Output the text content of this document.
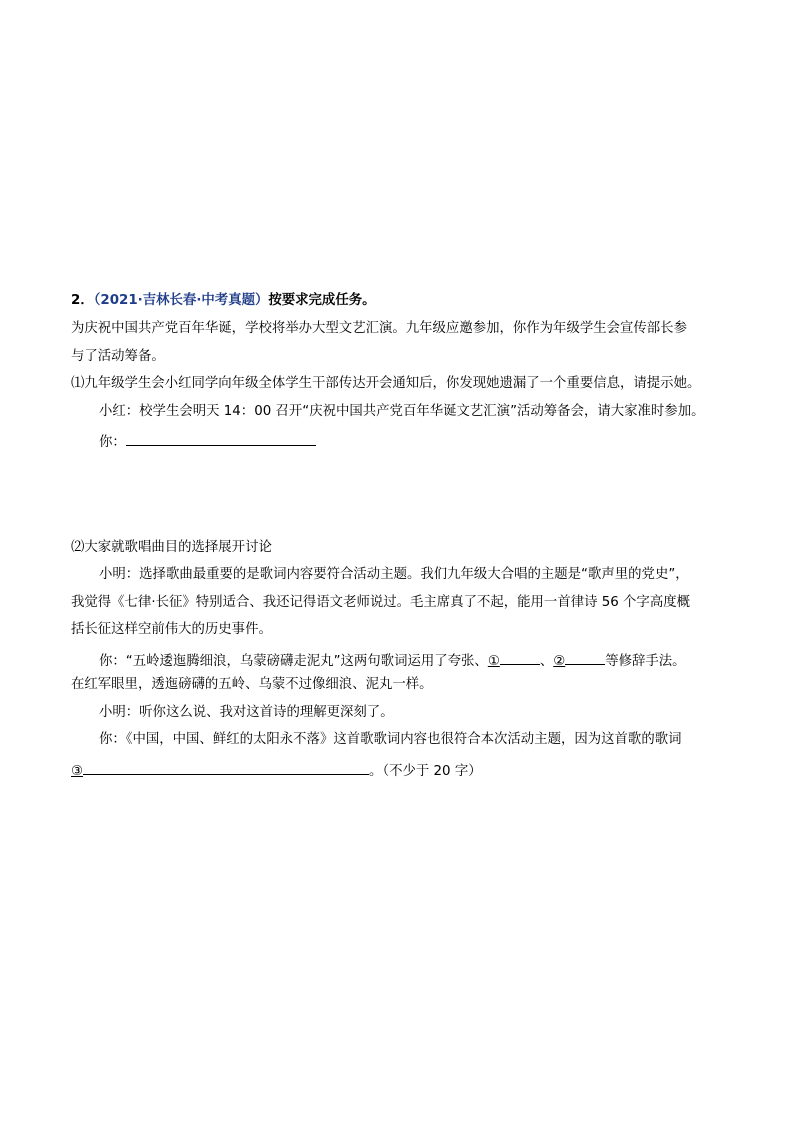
2．（2021·吉林长春·中考真题）按要求完成任务。
为庆祝中国共产党百年华诞，学校将举办大型文艺汇演。九年级应邀参加，你作为年级学生会宣传部长参
与了活动筹备。
⑴九年级学生会小红同学向年级全体学生干部传达开会通知后，你发现她遗漏了一个重要信息，请提示她。
小红：校学生会明天 14：00 召开“庆祝中国共产党百年华诞文艺汇演”活动筹备会，请大家准时参加。
你：
⑵大家就歌唱曲目的选择展开讨论
小明：选择歌曲最重要的是歌词内容要符合活动主题。我们九年级大合唱的主题是“歌声里的党史”，
我觉得《七律·长征》特别适合、我还记得语文老师说过。毛主席真了不起，能用一首律诗 56 个字高度概
括长征这样空前伟大的历史事件。
你：“五岭逶迤腾细浪，乌蒙磅礴走泥丸”这两句歌词运用了夸张、①	、②	等修辞手法。
在红军眼里，透迤磅礴的五岭、乌蒙不过像细浪、泥丸一样。
小明：听你这么说、我对这首诗的理解更深刻了。
你：《中国，中国、鲜红的太阳永不落》这首歌歌词内容也很符合本次活动主题，因为这首歌的歌词
③	。（不少于 20 字）
